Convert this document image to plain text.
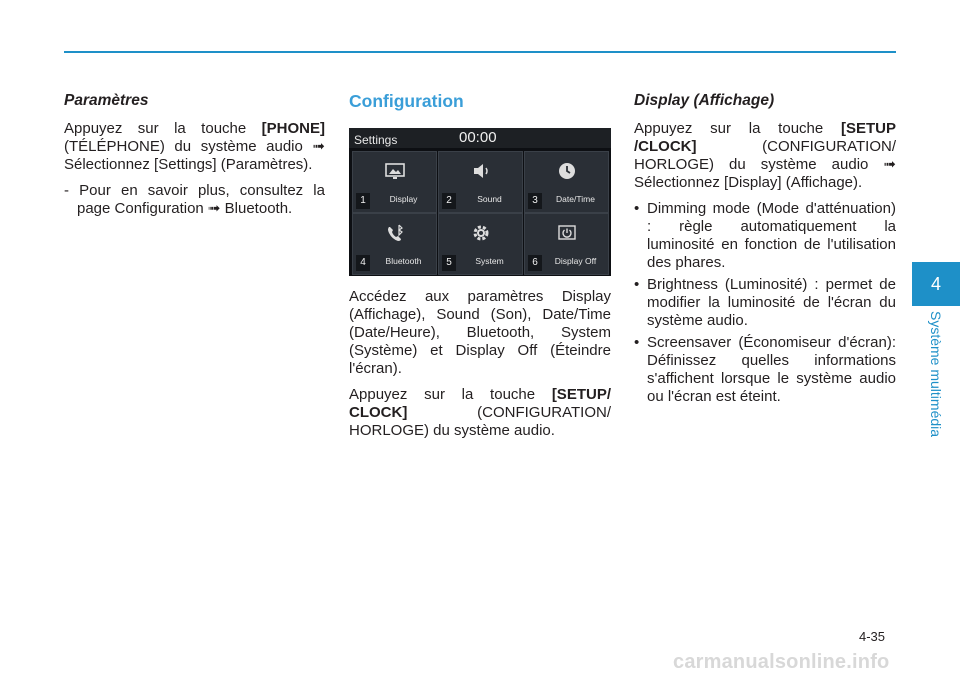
Paramètres

Appuyez sur la touche [PHONE] (TÉLÉPHONE) du système audio ➟ Sélectionnez [Settings] (Paramètres).

- Pour en savoir plus, consultez la page Configuration ➟ Bluetooth.

Configuration
Settings	00:00
1	Display	2	Sound	3	Date/Time
4	Bluetooth	5	System	6	Display Off

Accédez aux paramètres Display (Affichage), Sound (Son), Date/Time (Date/Heure), Bluetooth, System (Système) et Display Off (Éteindre l'écran).

Appuyez sur la touche [SETUP/ CLOCK] (CONFIGURATION/ HORLOGE) du système audio.

Display (Affichage)

Appuyez sur la touche [SETUP /CLOCK] (CONFIGURATION/ HORLOGE) du système audio ➟ Sélectionnez [Display] (Affichage).

• Dimming mode (Mode d'atténuation) : règle automatiquement la luminosité en fonction de l'utilisation des phares.
• Brightness (Luminosité) : permet de modifier la luminosité de l'écran du système audio.
• Screensaver (Économiseur d'écran): Définissez quelles informations s'affichent lorsque le système audio ou l'écran est éteint.
4
Système multimédia
4-35
carmanualsonline.info
